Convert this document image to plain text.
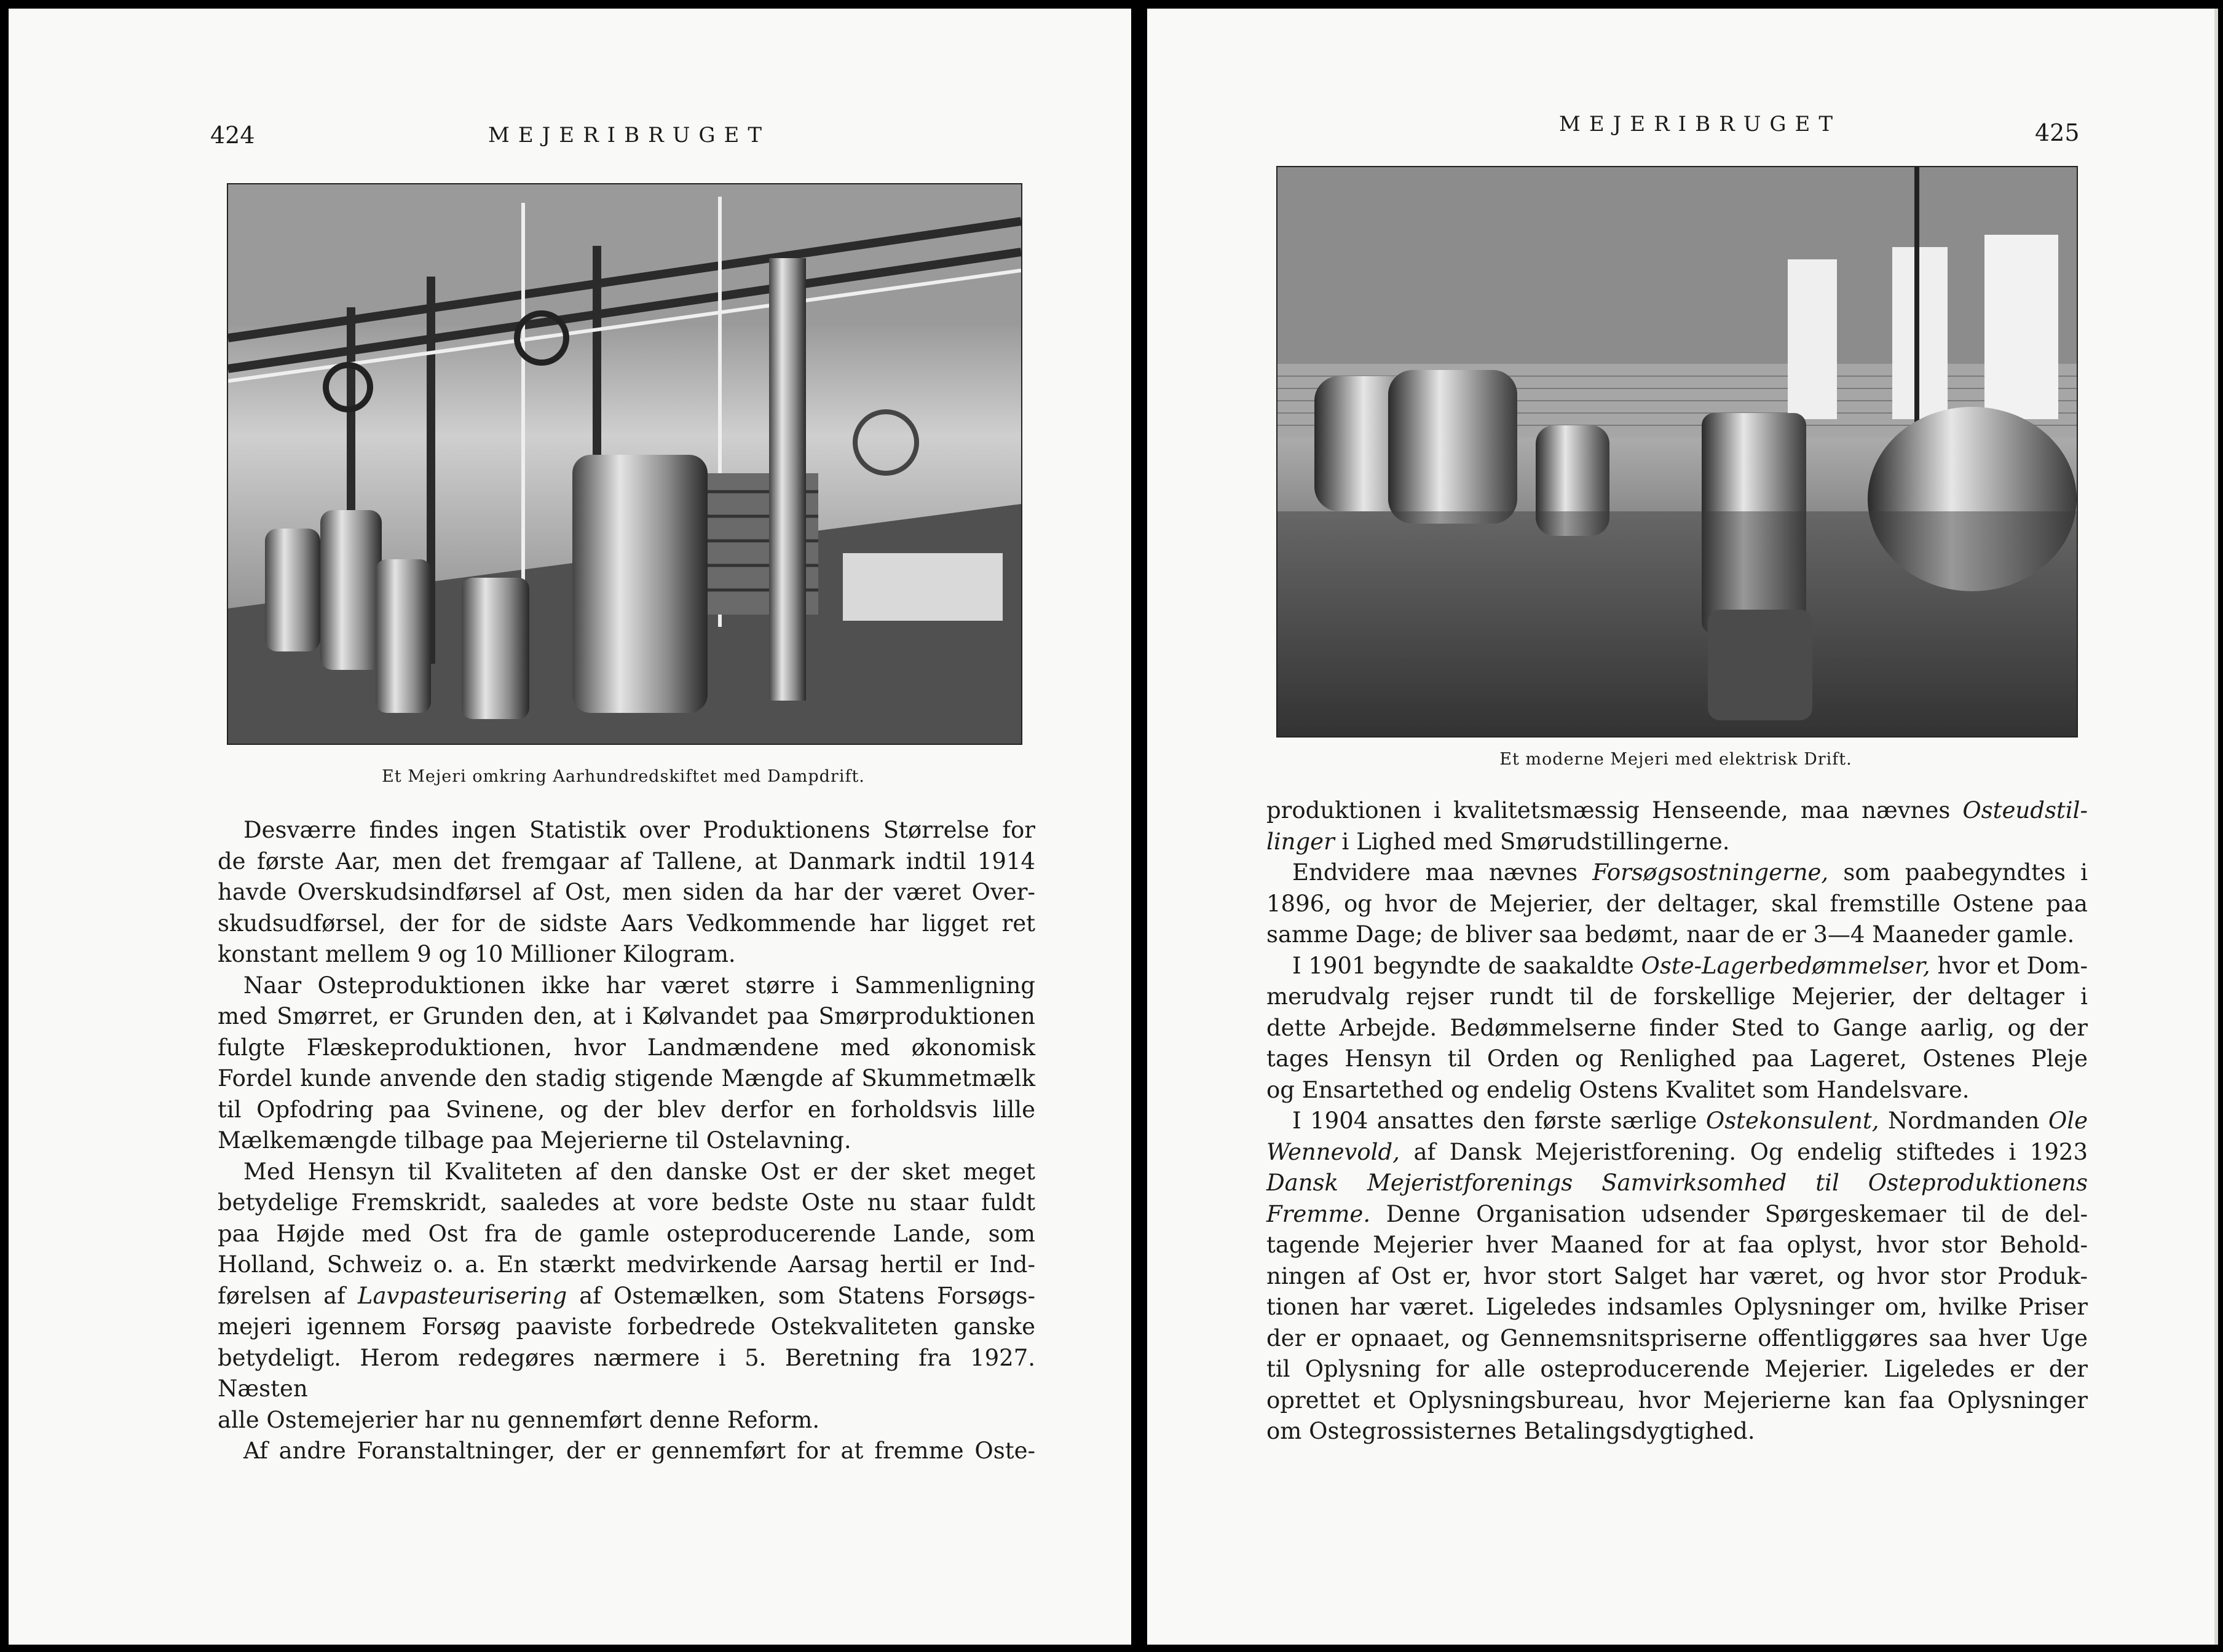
424	MEJERIBRUGET
Et Mejeri omkring Aarhundredskiftet med Dampdrift.

Desværre findes ingen Statistik over Produktionens Størrelse for

de første Aar, men det fremgaar af Tallene, at Danmark indtil 1914

havde Overskudsindførsel af Ost, men siden da har der været Over-

skudsudførsel, der for de sidste Aars Vedkommende har ligget ret

konstant mellem 9 og 10 Millioner Kilogram.

Naar Osteproduktionen ikke har været større i Sammenligning

med Smørret, er Grunden den, at i Kølvandet paa Smørproduktionen

fulgte Flæskeproduktionen, hvor Landmændene med økonomisk

Fordel kunde anvende den stadig stigende Mængde af Skummetmælk

til Opfodring paa Svinene, og der blev derfor en forholdsvis lille

Mælkemængde tilbage paa Mejerierne til Ostelavning.

Med Hensyn til Kvaliteten af den danske Ost er der sket meget

betydelige Fremskridt, saaledes at vore bedste Oste nu staar fuldt

paa Højde med Ost fra de gamle osteproducerende Lande, som

Holland, Schweiz o. a. En stærkt medvirkende Aarsag hertil er Ind-

førelsen af Lavpasteurisering af Ostemælken, som Statens Forsøgs-

mejeri igennem Forsøg paaviste forbedrede Ostekvaliteten ganske

betydeligt. Herom redegøres nærmere i 5. Beretning fra 1927. Næsten

alle Ostemejerier har nu gennemført denne Reform.

Af andre Foranstaltninger, der er gennemført for at fremme Oste-

MEJERIBRUGET	425
Et moderne Mejeri med elektrisk Drift.

produktionen i kvalitetsmæssig Henseende, maa nævnes Osteudstil-

linger i Lighed med Smørudstillingerne.

Endvidere maa nævnes Forsøgsostningerne, som paabegyndtes i

1896, og hvor de Mejerier, der deltager, skal fremstille Ostene paa

samme Dage; de bliver saa bedømt, naar de er 3—4 Maaneder gamle.

I 1901 begyndte de saakaldte Oste-Lagerbedømmelser, hvor et Dom-

merudvalg rejser rundt til de forskellige Mejerier, der deltager i

dette Arbejde. Bedømmelserne finder Sted to Gange aarlig, og der

tages Hensyn til Orden og Renlighed paa Lageret, Ostenes Pleje

og Ensartethed og endelig Ostens Kvalitet som Handelsvare.

I 1904 ansattes den første særlige Ostekonsulent, Nordmanden Ole

Wennevold, af Dansk Mejeristforening. Og endelig stiftedes i 1923

Dansk Mejeristforenings Samvirksomhed til Osteproduktionens

Fremme. Denne Organisation udsender Spørgeskemaer til de del-

tagende Mejerier hver Maaned for at faa oplyst, hvor stor Behold-

ningen af Ost er, hvor stort Salget har været, og hvor stor Produk-

tionen har været. Ligeledes indsamles Oplysninger om, hvilke Priser

der er opnaaet, og Gennemsnitspriserne offentliggøres saa hver Uge

til Oplysning for alle osteproducerende Mejerier. Ligeledes er der

oprettet et Oplysningsbureau, hvor Mejerierne kan faa Oplysninger

om Ostegrossisternes Betalingsdygtighed.
